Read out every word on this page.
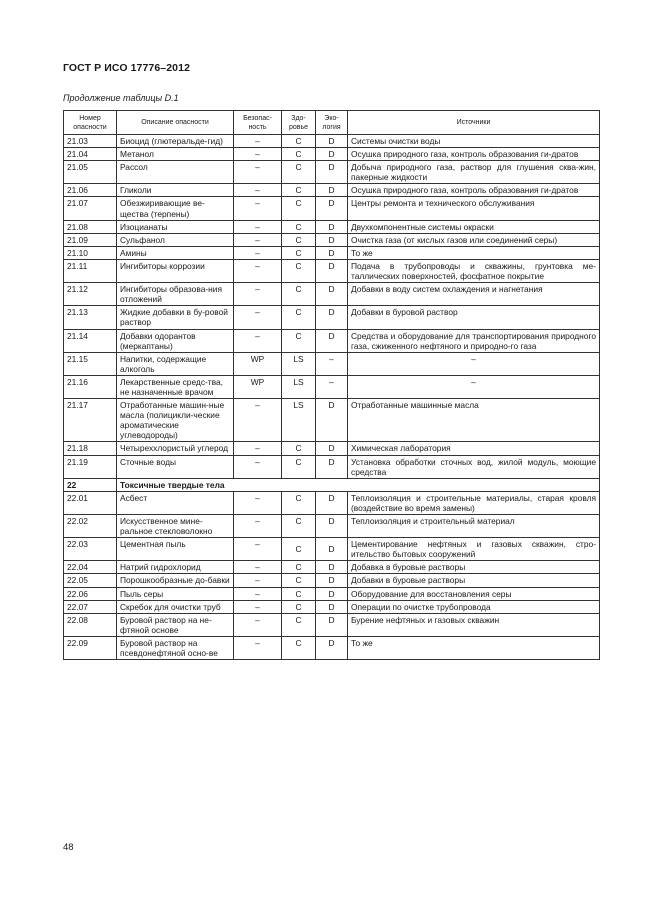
ГОСТ Р ИСО 17776–2012
Продолжение таблицы D.1
Номер опасности	Описание опасности	Безопас-ность	Здо-ровье	Эко-логия	Источники
21.03	Биоцид (глютеральде-гид)	–	С	D	Системы очистки воды
21.04	Метанол	–	С	D	Осушка природного газа, контроль образования ги-дратов
21.05	Рассол	–	С	D	Добыча природного газа, раствор для глушения сква-жин, пакерные жидкости
21.06	Гликоли	–	С	D	Осушка природного газа, контроль образования ги-дратов
21.07	Обезжиривающие ве-щества (терпены)	–	С	D	Центры ремонта и технического обслуживания
21.08	Изоцианаты	–	С	D	Двухкомпонентные системы окраски
21.09	Сульфанол	–	С	D	Очистка газа (от кислых газов или соединений серы)
21.10	Амины	–	С	D	То же
21.11	Ингибиторы коррозии	–	С	D	Подача в трубопроводы и скважины, грунтовка ме-таллических поверхностей, фосфатное покрытие
21.12	Ингибиторы образова-ния отложений	–	С	D	Добавки в воду систем охлаждения и нагнетания
21.13	Жидкие добавки в бу-ровой раствор	–	С	D	Добавки в буровой раствор
21.14	Добавки одорантов (меркаптаны)	–	С	D	Средства и оборудование для транспортирования природного газа, сжиженного нефтяного и природно-го газа
21.15	Напитки, содержащие алкоголь	WP	LS	–	–
21.16	Лекарственные средс-тва, не назначенные врачом	WP	LS	–	–
21.17	Отработанные машин-ные масла (полицикли-ческие ароматические углеводороды)	–	LS	D	Отработанные машинные масла
21.18	Четыреххлористый углерод	–	С	D	Химическая лаборатория
21.19	Сточные воды	–	С	D	Установка обработки сточных вод, жилой модуль, моющие средства
22	Токсичные твердые тела				
22.01	Асбест	–	С	D	Теплоизоляция и строительные материалы, старая кровля (воздействие во время замены)
22.02	Искусственное мине-ральное стекловолокно	–	С	D	Теплоизоляция и строительный материал
22.03	Цементная пыль	–	С	D	Цементирование нефтяных и газовых скважин, стро-ительство бытовых сооружений
22.04	Натрий гидрохлорид	–	С	D	Добавка в буровые растворы
22.05	Порошкообразные до-бавки	–	С	D	Добавки в буровые растворы
22.06	Пыль серы	–	С	D	Оборудование для восстановления серы
22.07	Скребок для очистки труб	–	С	D	Операции по очистке трубопровода
22.08	Буровой раствор на не-фтяной основе	–	С	D	Бурение нефтяных и газовых скважин
22.09	Буровой раствор на псевдонефтяной осно-ве	–	С	D	То же
48
